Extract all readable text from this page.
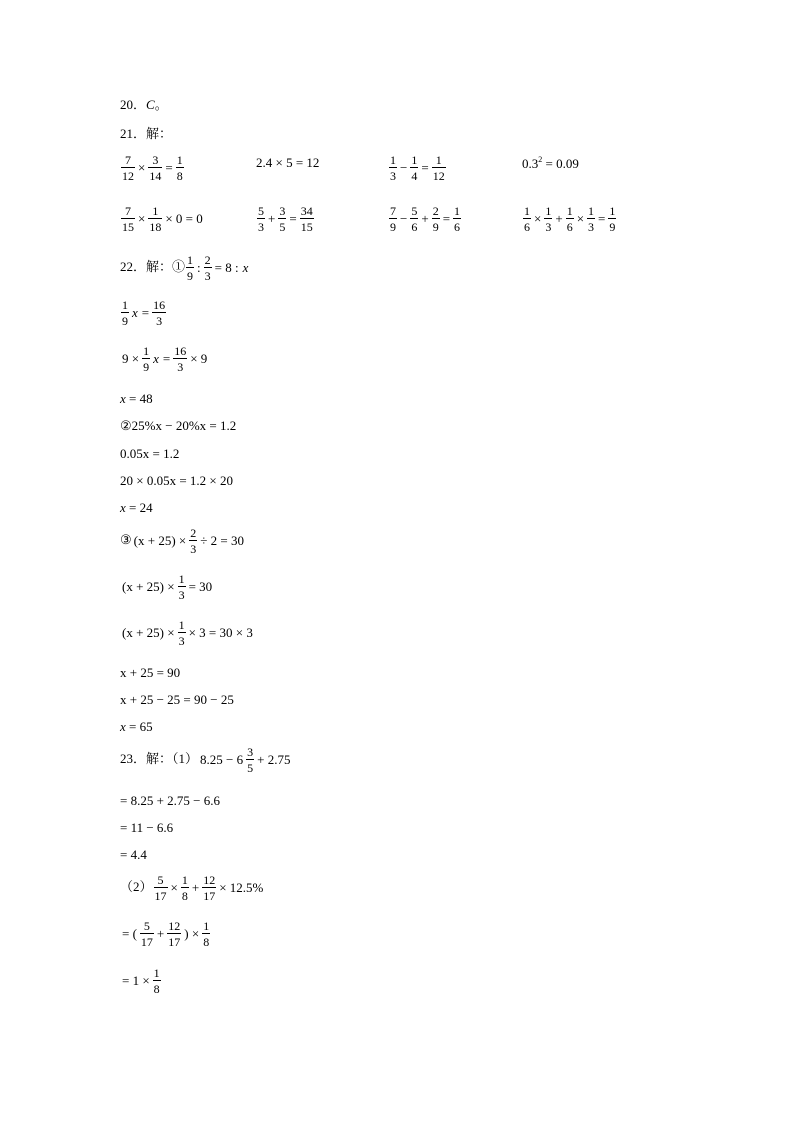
20．C。
21．解：
$\frac{7}{12} \times \frac{3}{14} = \frac{1}{8}$	2.4 × 5 = 12	$\frac{1}{3} - \frac{1}{4} = \frac{1}{12}$	$0.3^2 = 0.09$
$\frac{7}{15} \times \frac{1}{18} \times 0 = 0$	$\frac{5}{3} + \frac{3}{5} = \frac{34}{15}$	$\frac{7}{9} - \frac{5}{6} + \frac{2}{9} = \frac{1}{6}$	$\frac{1}{6} \times \frac{1}{3} + \frac{1}{6} \times \frac{1}{3} = \frac{1}{9}$
22．解：① $\frac{1}{9}$ : $\frac{2}{3} = 8$ :x
$\frac{1}{9}$ $x = \frac{16}{3}$
$9 \times \frac{1}{9}$ $x = \frac{16}{3} \times 9$
x = 48
②25%x − 20%x = 1.2
0.05x = 1.2
20 × 0.05x = 1.2 × 20
x = 24
③ $(x + 25) \times \frac{2}{3} \div 2 = 30$
$(x + 25) \times \frac{1}{3} = 30$
$(x + 25) \times \frac{1}{3} \times 3 = 30 \times 3$
x + 25 = 90
x + 25 − 25 = 90 − 25
x = 65
23．解：（1） $8.25 - 6 \frac{3}{5} + 2.75$
= 8.25 + 2.75 − 6.6
= 11 − 6.6
= 4.4
$(2) \frac{5}{17} \times \frac{1}{8} + \frac{12}{17} \times 12.5\%$
= ( $\frac{5}{17} + \frac{12}{17}$ ) × $\frac{1}{8}$
= $1 \times \frac{1}{8}$
